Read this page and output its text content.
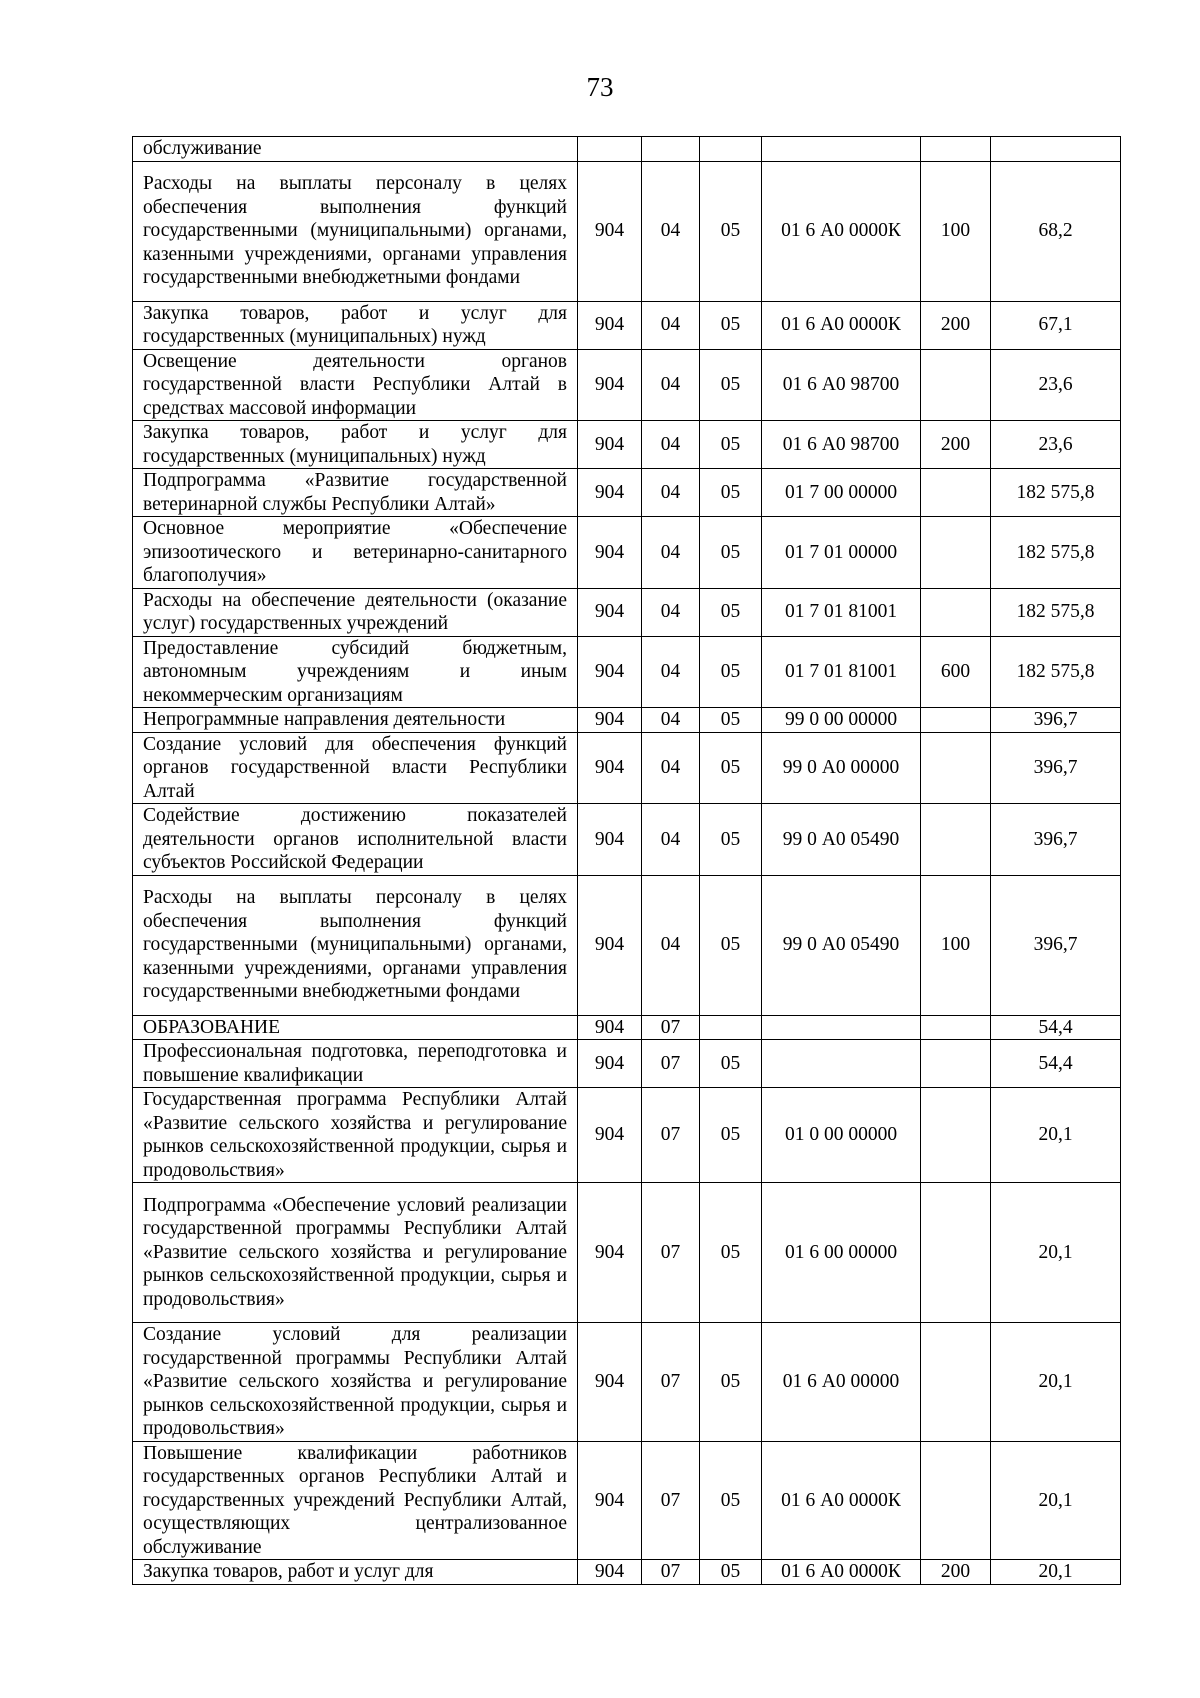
73
обслуживание						
Расходы на выплаты персоналу в целях обеспечения выполнения функций государственными (муниципальными) органами, казенными учреждениями, органами управления государственными внебюджетными фондами	904	04	05	01 6 А0 0000К	100	68,2
Закупка товаров, работ и услуг для государственных (муниципальных) нужд	904	04	05	01 6 А0 0000К	200	67,1
Освещение деятельности органов государственной власти Республики Алтай в средствах массовой информации	904	04	05	01 6 А0 98700		23,6
Закупка товаров, работ и услуг для государственных (муниципальных) нужд	904	04	05	01 6 А0 98700	200	23,6
Подпрограмма «Развитие государственной ветеринарной службы Республики Алтай»	904	04	05	01 7 00 00000		182 575,8
Основное мероприятие «Обеспечение эпизоотического и ветеринарно-санитарного благополучия»	904	04	05	01 7 01 00000		182 575,8
Расходы на обеспечение деятельности (оказание услуг) государственных учреждений	904	04	05	01 7 01 81001		182 575,8
Предоставление субсидий бюджетным, автономным учреждениям и иным некоммерческим организациям	904	04	05	01 7 01 81001	600	182 575,8
Непрограммные направления деятельности	904	04	05	99 0 00 00000		396,7
Создание условий для обеспечения функций органов государственной власти Республики Алтай	904	04	05	99 0 А0 00000		396,7
Содействие достижению показателей деятельности органов исполнительной власти субъектов Российской Федерации	904	04	05	99 0 А0 05490		396,7
Расходы на выплаты персоналу в целях обеспечения выполнения функций государственными (муниципальными) органами, казенными учреждениями, органами управления государственными внебюджетными фондами	904	04	05	99 0 А0 05490	100	396,7
ОБРАЗОВАНИЕ	904	07				54,4
Профессиональная подготовка, переподготовка и повышение квалификации	904	07	05			54,4
Государственная программа Республики Алтай «Развитие сельского хозяйства и регулирование рынков сельскохозяйственной продукции, сырья и продовольствия»	904	07	05	01 0 00 00000		20,1
Подпрограмма «Обеспечение условий реализации государственной программы Республики Алтай «Развитие сельского хозяйства и регулирование рынков сельскохозяйственной продукции, сырья и продовольствия»	904	07	05	01 6 00 00000		20,1
Создание условий для реализации государственной программы Республики Алтай «Развитие сельского хозяйства и регулирование рынков сельскохозяйственной продукции, сырья и продовольствия»	904	07	05	01 6 А0 00000		20,1
Повышение квалификации работников государственных органов Республики Алтай и государственных учреждений Республики Алтай, осуществляющих централизованное обслуживание	904	07	05	01 6 А0 0000К		20,1
Закупка товаров, работ и услуг для	904	07	05	01 6 А0 0000К	200	20,1
